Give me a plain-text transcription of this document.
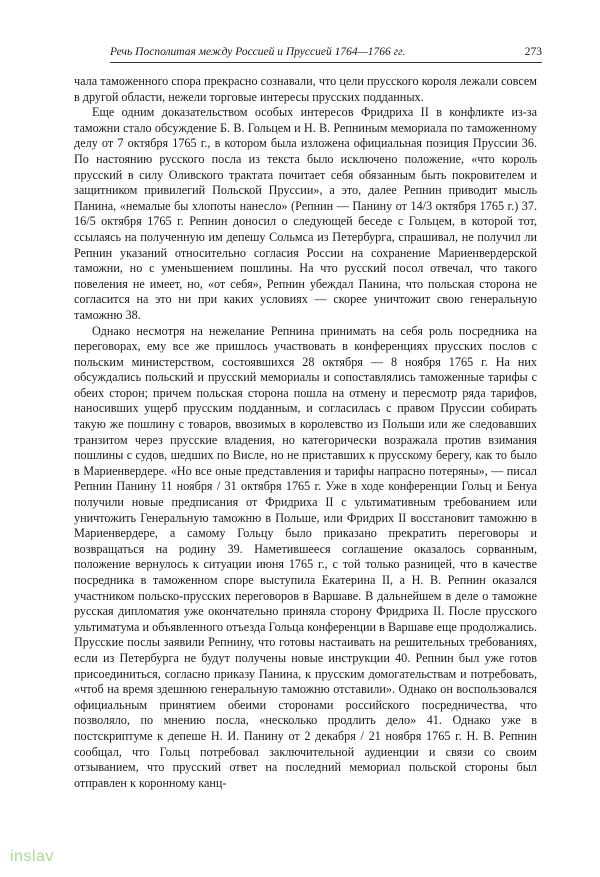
Речь Посполитая между Россией и Пруссией 1764—1766 гг.	273

чала таможенного спора прекрасно сознавали, что цели прусского короля лежали совсем в другой области, нежели торговые интересы прусских подданных.

Еще одним доказательством особых интересов Фридриха II в конфликте из-за таможни стало обсуждение Б. В. Гольцем и Н. В. Репниным мемориала по таможенному делу от 7 октября 1765 г., в котором была изложена официальная позиция Пруссии 36. По настоянию русского посла из текста было исключено положение, «что король прусский в силу Оливского трактата почитает себя обязанным быть покровителем и защитником привилегий Польской Пруссии», а это, далее Репнин приводит мысль Панина, «немалые бы хлопоты нанесло» (Репнин — Панину от 14/3 октября 1765 г.) 37. 16/5 октября 1765 г. Репнин доносил о следующей беседе с Гольцем, в которой тот, ссылаясь на полученную им депешу Сольмса из Петербурга, спрашивал, не получил ли Репнин указаний относительно согласия России на сохранение Мариенвердерской таможни, но с уменьшением пошлины. На что русский посол отвечал, что такого повеления не имеет, но, «от себя», Репнин убеждал Панина, что польская сторона не согласится на это ни при каких условиях — скорее уничтожит свою генеральную таможню 38.

Однако несмотря на нежелание Репнина принимать на себя роль посредника на переговорах, ему все же пришлось участвовать в конференциях прусских послов с польским министерством, состоявшихся 28 октября — 8 ноября 1765 г. На них обсуждались польский и прусский мемориалы и сопоставлялись таможенные тарифы с обеих сторон; причем польская сторона пошла на отмену и пересмотр ряда тарифов, наносивших ущерб прусским подданным, и согласилась с правом Пруссии собирать такую же пошлину с товаров, ввозимых в королевство из Польши или же следовавших транзитом через прусские владения, но категорически возражала против взимания пошлины с судов, шедших по Висле, но не приставших к прусскому берегу, как то было в Мариенвердере. «Но все оные представления и тарифы напрасно потеряны», — писал Репнин Панину 11 ноября / 31 октября 1765 г. Уже в ходе конференции Гольц и Бенуа получили новые предписания от Фридриха II с ультимативным требованием или уничтожить Генеральную таможню в Польше, или Фридрих II восстановит таможню в Мариенвердере, а самому Гольцу было приказано прекратить переговоры и возвращаться на родину 39. Наметившееся соглашение оказалось сорванным, положение вернулось к ситуации июня 1765 г., с той только разницей, что в качестве посредника в таможенном споре выступила Екатерина II, а Н. В. Репнин оказался участником польско-прусских переговоров в Варшаве. В дальнейшем в деле о таможне русская дипломатия уже окончательно приняла сторону Фридриха II. После прусского ультиматума и объявленного отъезда Гольца конференции в Варшаве еще продолжались. Прусские послы заявили Репнину, что готовы настаивать на решительных требованиях, если из Петербурга не будут получены новые инструкции 40. Репнин был уже готов присоединиться, согласно приказу Панина, к прусским домогательствам и потребовать, «чтоб на время здешнюю генеральную таможню отставили». Однако он воспользовался официальным принятием обеими сторонами российского посредничества, что позволяло, по мнению посла, «несколько продлить дело» 41. Однако уже в постскриптуме к депеше Н. И. Панину от 2 декабря / 21 ноября 1765 г. Н. В. Репнин сообщал, что Гольц потребовал заключительной аудиенции и связи со своим отзыванием, что прусский ответ на последний мемориал польской стороны был отправлен к коронному канц-

inslav
